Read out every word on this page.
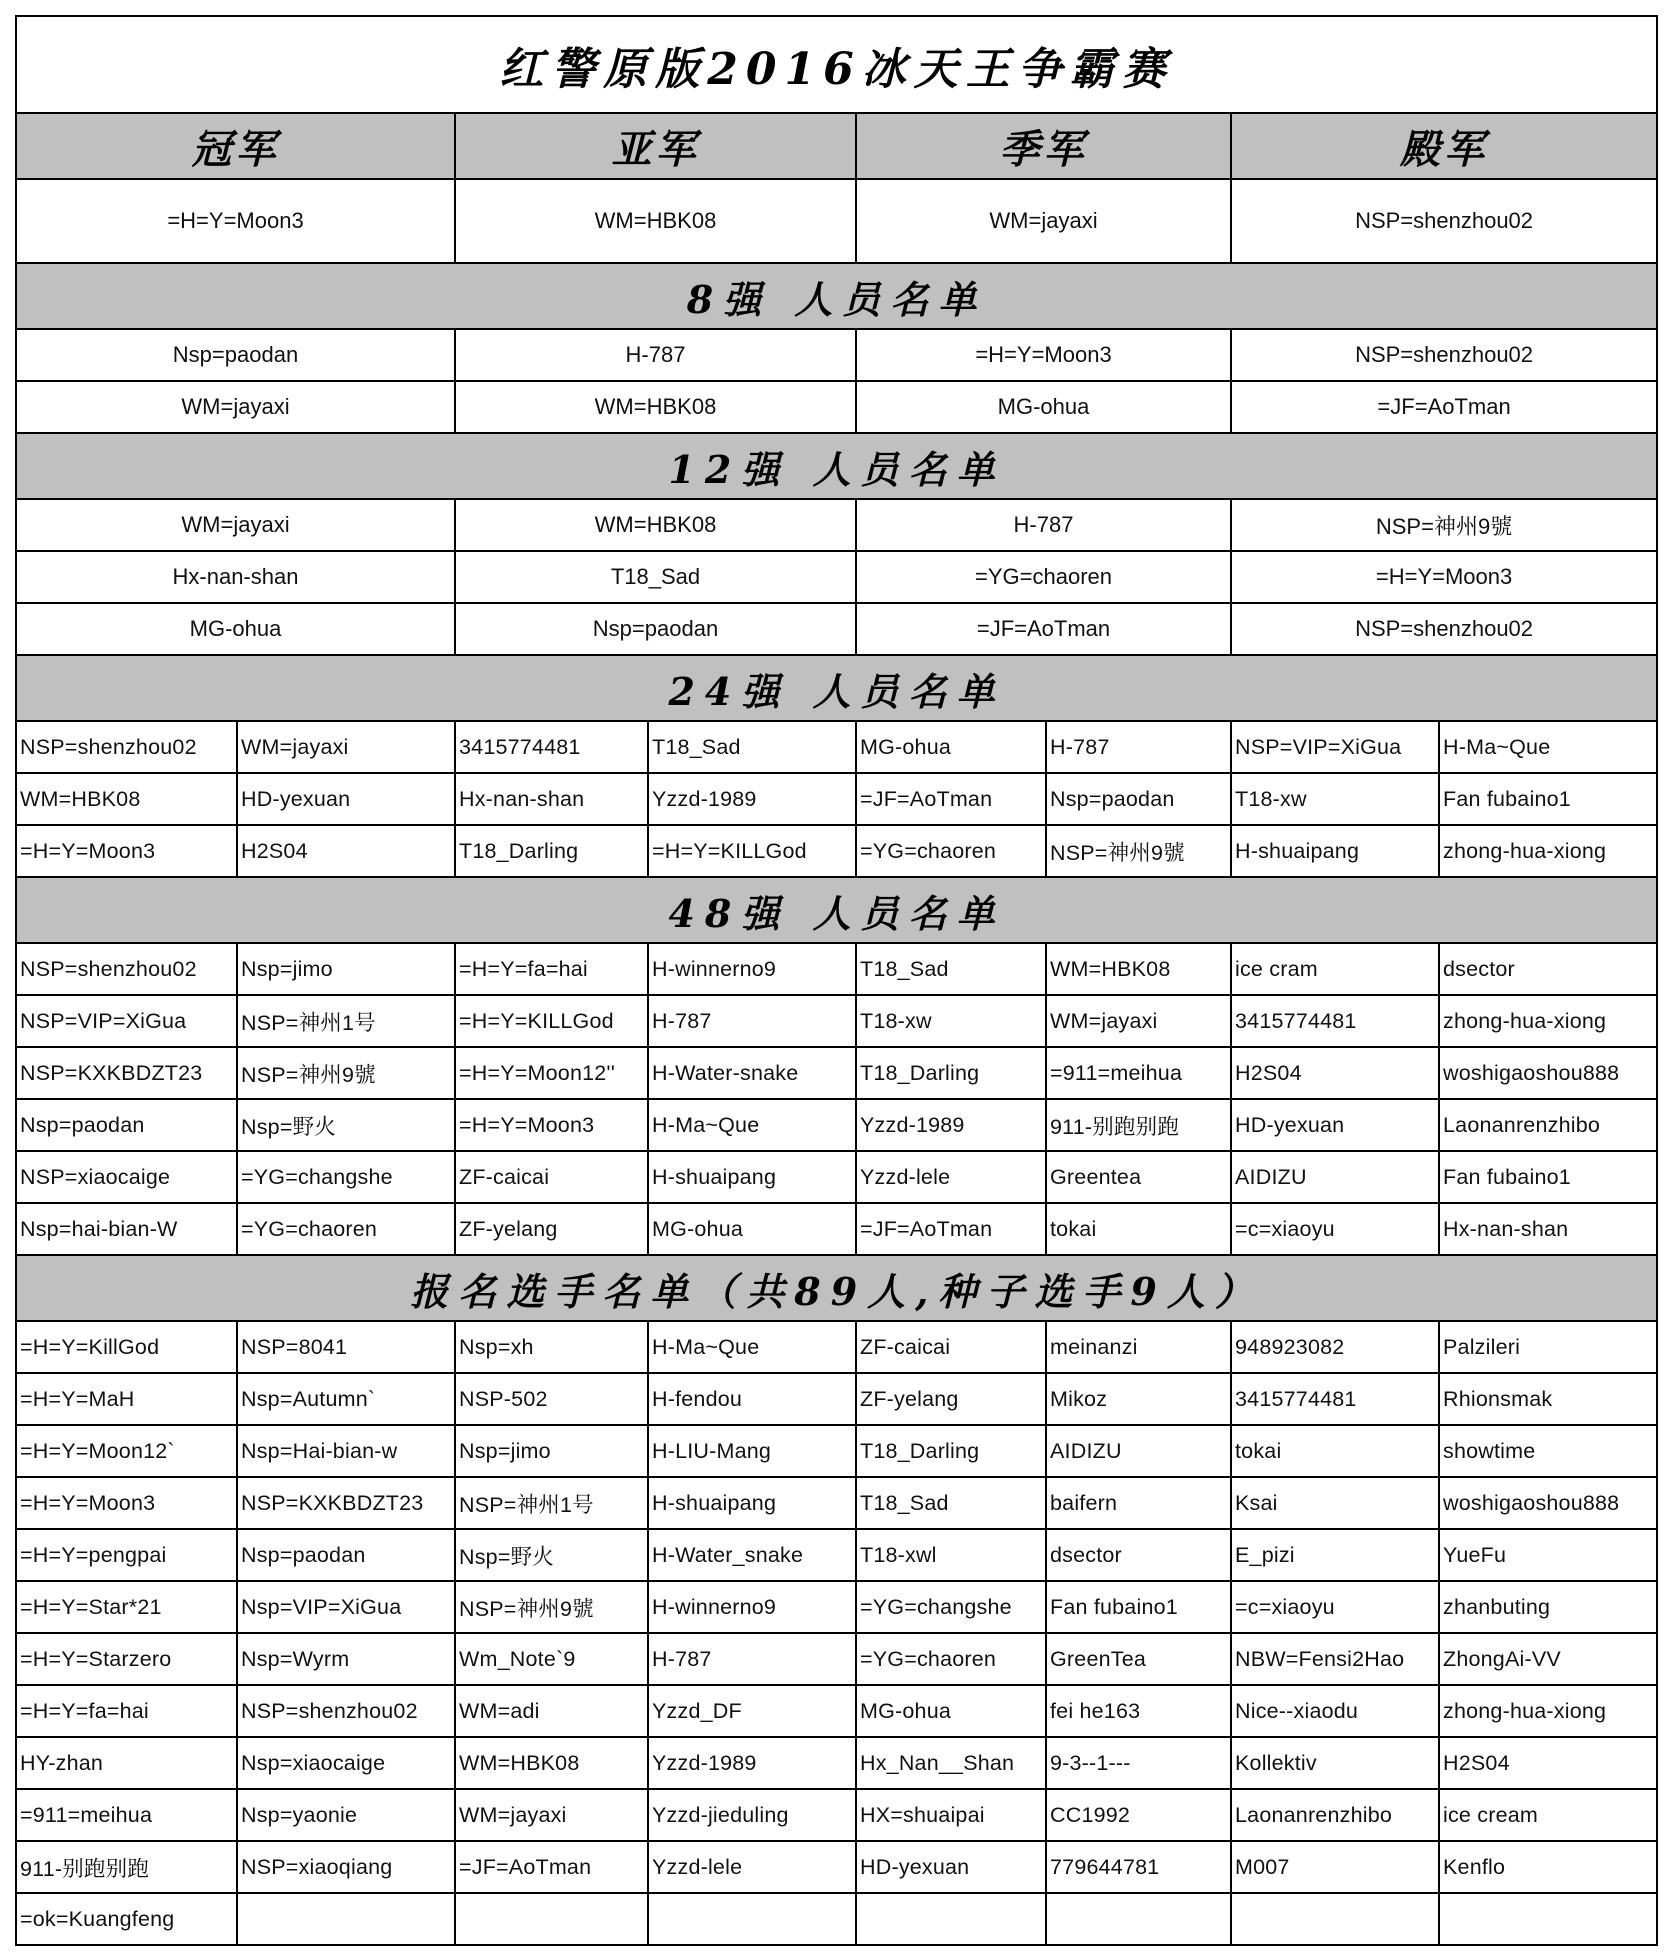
红警原版2016冰天王争霸赛							
冠军		亚军		季军		殿军	
=H=Y=Moon3		WM=HBK08		WM=jayaxi		NSP=shenzhou02	
8强 人员名单							
Nsp=paodan		H-787		=H=Y=Moon3		NSP=shenzhou02	
WM=jayaxi		WM=HBK08		MG-ohua		=JF=AoTman	
12强 人员名单							
WM=jayaxi		WM=HBK08		H-787		NSP=神州9號	
Hx-nan-shan		T18_Sad		=YG=chaoren		=H=Y=Moon3	
MG-ohua		Nsp=paodan		=JF=AoTman		NSP=shenzhou02	
24强 人员名单							
NSP=shenzhou02	WM=jayaxi	3415774481	T18_Sad	MG-ohua	H-787	NSP=VIP=XiGua	H-Ma~Que
WM=HBK08	HD-yexuan	Hx-nan-shan	Yzzd-1989	=JF=AoTman	Nsp=paodan	T18-xw	Fan fubaino1
=H=Y=Moon3	H2S04	T18_Darling	=H=Y=KILLGod	=YG=chaoren	NSP=神州9號	H-shuaipang	zhong-hua-xiong
48强 人员名单							
NSP=shenzhou02	Nsp=jimo	=H=Y=fa=hai	H-winnerno9	T18_Sad	WM=HBK08	ice cram	dsector
NSP=VIP=XiGua	NSP=神州1号	=H=Y=KILLGod	H-787	T18-xw	WM=jayaxi	3415774481	zhong-hua-xiong
NSP=KXKBDZT23	NSP=神州9號	=H=Y=Moon12''	H-Water-snake	T18_Darling	=911=meihua	H2S04	woshigaoshou888
Nsp=paodan	Nsp=野火	=H=Y=Moon3	H-Ma~Que	Yzzd-1989	911-别跑别跑	HD-yexuan	Laonanrenzhibo
NSP=xiaocaige	=YG=changshe	ZF-caicai	H-shuaipang	Yzzd-lele	Greentea	AIDIZU	Fan fubaino1
Nsp=hai-bian-W	=YG=chaoren	ZF-yelang	MG-ohua	=JF=AoTman	tokai	=c=xiaoyu	Hx-nan-shan
报名选手名单（共89人,种子选手9人）							
=H=Y=KillGod	NSP=8041	Nsp=xh	H-Ma~Que	ZF-caicai	meinanzi	948923082	Palzileri
=H=Y=MaH	Nsp=Autumn`	NSP-502	H-fendou	ZF-yelang	Mikoz	3415774481	Rhionsmak
=H=Y=Moon12`	Nsp=Hai-bian-w	Nsp=jimo	H-LIU-Mang	T18_Darling	AIDIZU	tokai	showtime
=H=Y=Moon3	NSP=KXKBDZT23	NSP=神州1号	H-shuaipang	T18_Sad	baifern	Ksai	woshigaoshou888
=H=Y=pengpai	Nsp=paodan	Nsp=野火	H-Water_snake	T18-xwl	dsector	E_pizi	YueFu
=H=Y=Star*21	Nsp=VIP=XiGua	NSP=神州9號	H-winnerno9	=YG=changshe	Fan fubaino1	=c=xiaoyu	zhanbuting
=H=Y=Starzero	Nsp=Wyrm	Wm_Note`9	H-787	=YG=chaoren	GreenTea	NBW=Fensi2Hao	ZhongAi-VV
=H=Y=fa=hai	NSP=shenzhou02	WM=adi	Yzzd_DF	MG-ohua	fei he163	Nice--xiaodu	zhong-hua-xiong
HY-zhan	Nsp=xiaocaige	WM=HBK08	Yzzd-1989	Hx_Nan__Shan	9-3--1---	Kollektiv	H2S04
=911=meihua	Nsp=yaonie	WM=jayaxi	Yzzd-jieduling	HX=shuaipai	CC1992	Laonanrenzhibo	ice cream
911-别跑别跑	NSP=xiaoqiang	=JF=AoTman	Yzzd-lele	HD-yexuan	779644781	M007	Kenflo
=ok=Kuangfeng							
